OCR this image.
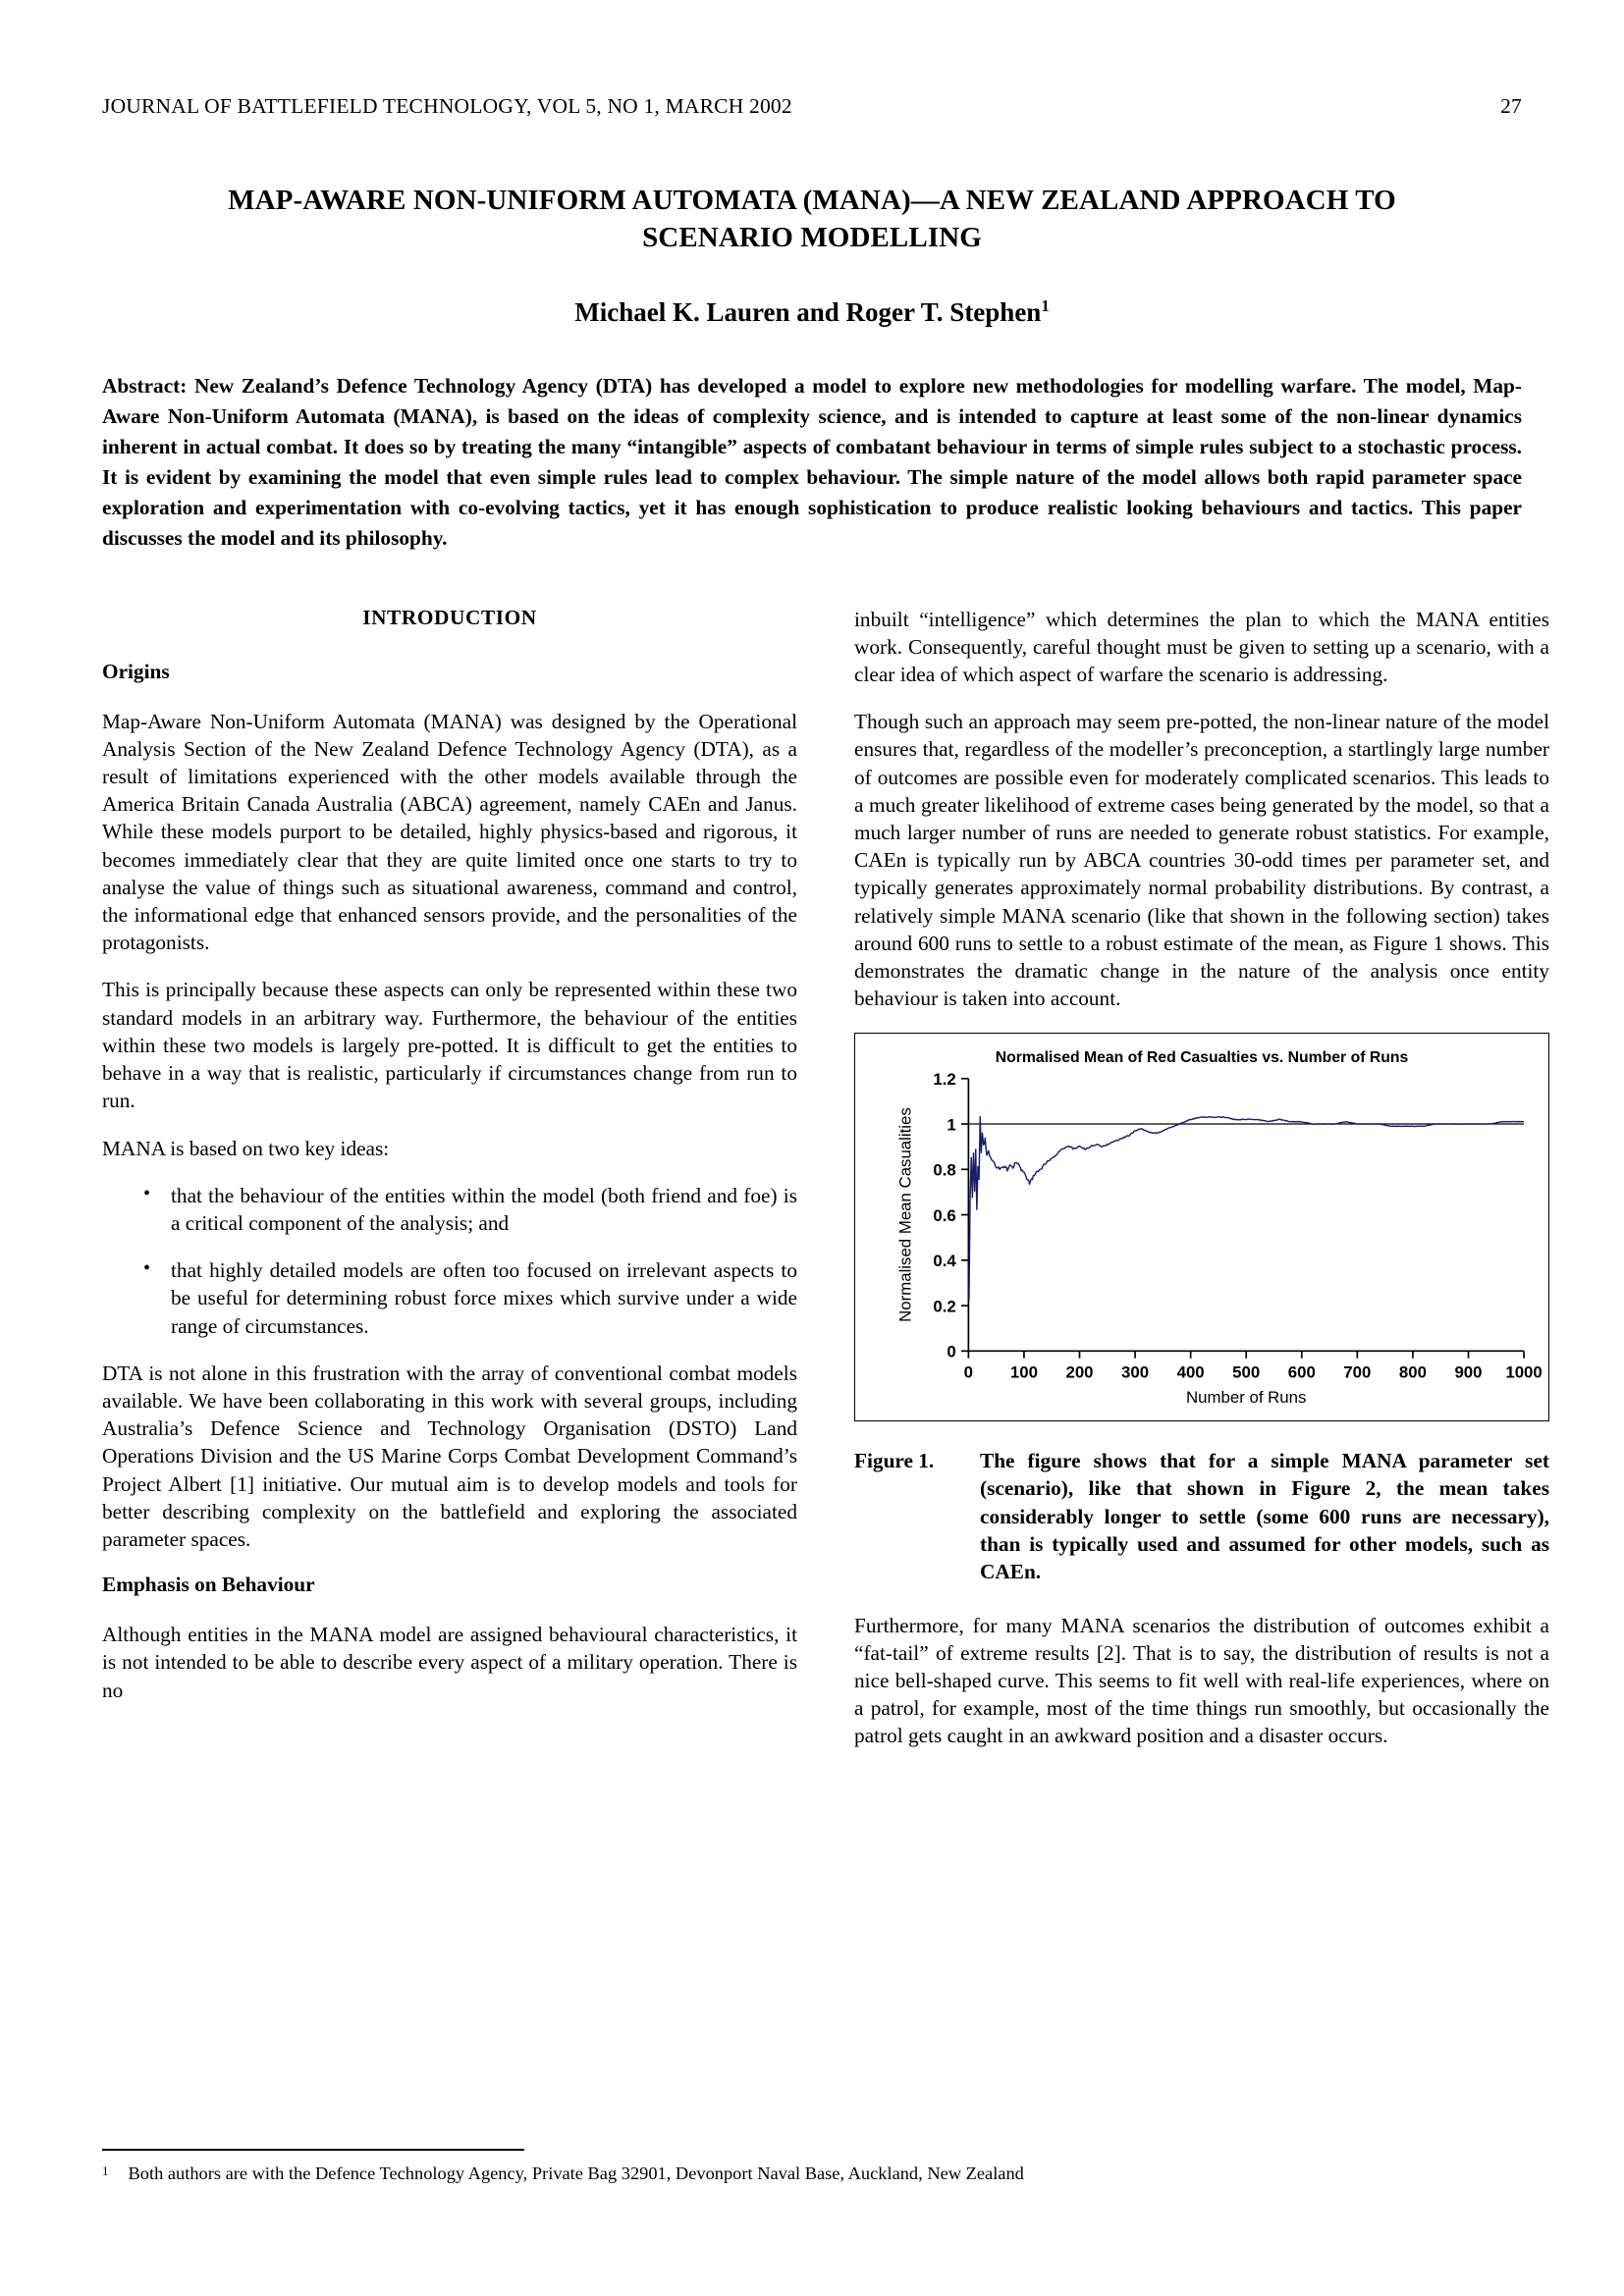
JOURNAL OF BATTLEFIELD TECHNOLOGY, VOL 5, NO 1, MARCH 2002	27
MAP-AWARE NON-UNIFORM AUTOMATA (MANA)—A NEW ZEALAND APPROACH TO
SCENARIO MODELLING
Michael K. Lauren and Roger T. Stephen$^1$
Abstract: New Zealand’s Defence Technology Agency (DTA) has developed a model to explore new methodologies for modelling warfare. The model, Map-Aware Non-Uniform Automata (MANA), is based on the ideas of complexity science, and is intended to capture at least some of the non-linear dynamics inherent in actual combat. It does so by treating the many “intangible” aspects of combatant behaviour in terms of simple rules subject to a stochastic process. It is evident by examining the model that even simple rules lead to complex behaviour. The simple nature of the model allows both rapid parameter space exploration and experimentation with co-evolving tactics, yet it has enough sophistication to produce realistic looking behaviours and tactics. This paper discusses the model and its philosophy.
INTRODUCTION
Origins

Map-Aware Non-Uniform Automata (MANA) was designed by the Operational Analysis Section of the New Zealand Defence Technology Agency (DTA), as a result of limitations experienced with the other models available through the America Britain Canada Australia (ABCA) agreement, namely CAEn and Janus. While these models purport to be detailed, highly physics-based and rigorous, it becomes immediately clear that they are quite limited once one starts to try to analyse the value of things such as situational awareness, command and control, the informational edge that enhanced sensors provide, and the personalities of the protagonists.

This is principally because these aspects can only be represented within these two standard models in an arbitrary way. Furthermore, the behaviour of the entities within these two models is largely pre-potted. It is difficult to get the entities to behave in a way that is realistic, particularly if circumstances change from run to run.

MANA is based on two key ideas:

• that the behaviour of the entities within the model (both friend and foe) is a critical component of the analysis; and
• that highly detailed models are often too focused on irrelevant aspects to be useful for determining robust force mixes which survive under a wide range of circumstances.

DTA is not alone in this frustration with the array of conventional combat models available. We have been collaborating in this work with several groups, including Australia’s Defence Science and Technology Organisation (DSTO) Land Operations Division and the US Marine Corps Combat Development Command’s Project Albert [1] initiative. Our mutual aim is to develop models and tools for better describing complexity on the battlefield and exploring the associated parameter spaces.

Emphasis on Behaviour

Although entities in the MANA model are assigned behavioural characteristics, it is not intended to be able to describe every aspect of a military operation. There is no

inbuilt “intelligence” which determines the plan to which the MANA entities work. Consequently, careful thought must be given to setting up a scenario, with a clear idea of which aspect of warfare the scenario is addressing.

Though such an approach may seem pre-potted, the non-linear nature of the model ensures that, regardless of the modeller’s preconception, a startlingly large number of outcomes are possible even for moderately complicated scenarios. This leads to a much greater likelihood of extreme cases being generated by the model, so that a much larger number of runs are needed to generate robust statistics. For example, CAEn is typically run by ABCA countries 30-odd times per parameter set, and typically generates approximately normal probability distributions. By contrast, a relatively simple MANA scenario (like that shown in the following section) takes around 600 runs to settle to a robust estimate of the mean, as Figure 1 shows. This demonstrates the dramatic change in the nature of the analysis once entity behaviour is taken into account.

Normalised Mean of Red Casualties vs. Number of Runs
0
0.2
0.4
0.6
0.8
1
1.2
0 100 200 300 400 500 600 700 800 900 1000
Number of Runs
Normalised Mean Casualities
Figure 1.	The figure shows that for a simple MANA parameter set (scenario), like that shown in Figure 2, the mean takes considerably longer to settle (some 600 runs are necessary), than is typically used and assumed for other models, such as CAEn.

Furthermore, for many MANA scenarios the distribution of outcomes exhibit a “fat-tail” of extreme results [2]. That is to say, the distribution of results is not a nice bell-shaped curve. This seems to fit well with real-life experiences, where on a patrol, for example, most of the time things run smoothly, but occasionally the patrol gets caught in an awkward position and a disaster occurs.

1 Both authors are with the Defence Technology Agency, Private Bag 32901, Devonport Naval Base, Auckland, New Zealand
